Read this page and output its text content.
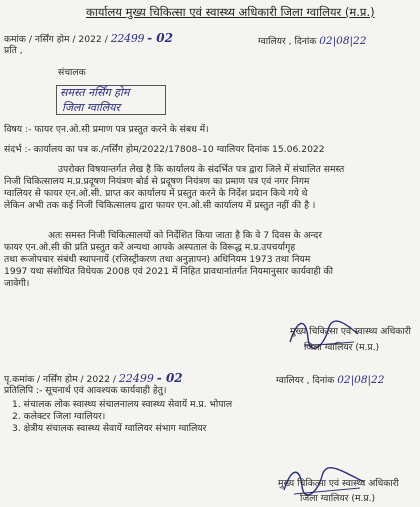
कार्यालय मुख्य चिकित्सा एवं स्वास्थ्य अधिकारी जिला ग्वालियर (म.प्र.)
कमांक / नर्सिंग होम / 2022 / 22499 - 02	ग्वालियर , दिनांक 02|08|22
प्रति ,
संचालक
समस्त नर्सिंग होम
जिला ग्वालियर
विषय :- फायर एन.ओ.सी प्रमाण पत्र प्रस्तुत करने के संबध में।
संदर्भ :- कार्यालय का पत्र क./नर्सिंग होम/2022/17808–10 ग्वालियर दिनांक 15.06.2022
उपरोक्त विषयान्तर्गत लेख है कि कार्यालय के संदर्भित पत्र द्वारा जिले में संचालित समस्त
निजी चिकित्सालय म.प्र.प्रदूषण नियंत्रण बोर्ड से प्रदूषण नियंत्रण का प्रमाण पत्र एवं नगर निगम
ग्वालियर से फायर एन.ओ.सी. प्राप्त कर कार्यालय में प्रस्तुत करने के निर्देश प्रदान किये गये थे
लेकिन अभी तक कई निजी चिकित्सालय द्वारा फायर एन.ओ.सी कार्यालय में प्रस्तुत नहीं की है ।
अतः समस्त निजी चिकित्सालयों को निर्देशित किया जाता है कि वे 7 दिवस के अन्दर
फायर एन.ओ.सी की प्रति प्रस्तुत करें अन्यथा आपके अस्पताल के विरूद्ध म.प्र.उपचर्यागृह
तथा रूजोपचार संबंधी स्थापनायें (रजिस्ट्रीकरण तथा अनुज्ञापन) अधिनियम 1973 तथा नियम
1997 यथा संशोधित विधेयक 2008 एवं 2021 में निहित प्रावधानांतर्गत नियमानुसार कार्यवाही की
जावेगी।
मुख्य चिकित्सा एवं स्वास्थ्य अधिकारी
जिला ग्वालियर (म.प्र.)
पृ.कमांक / नर्सिंग होम / 2022 / 22499 - 02	ग्वालियर , दिनांक 02|08|22
प्रतिलिपि :- सूचनार्थ एवं आवश्यक कार्यवाही हेतु।
1. संचालक लोक स्वास्थ्य संचालनालय स्वास्थ्य सेवायें म.प्र. भोपाल
2. कलेक्टर जिला ग्वालियर।
3. क्षेत्रीय संचालक स्वास्थ्य सेवायें ग्वालियर संभाग ग्वालियर
मुख्य चिकित्सा एवं स्वास्थ्य अधिकारी
जिला ग्वालियर (म.प्र.)
